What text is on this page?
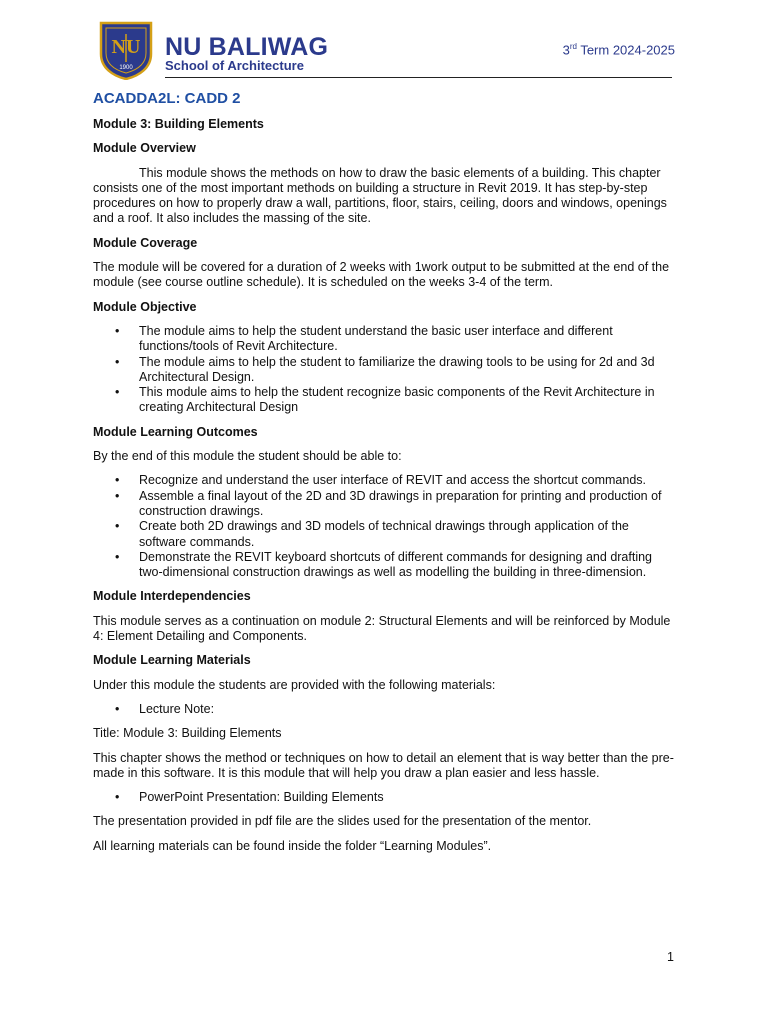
NU
1900
NU BALIWAG
School of Architecture
3rd Term 2024-2025
ACADDA2L: CADD 2
Module 3: Building Elements
Module Overview
This module shows the methods on how to draw the basic elements of a building. This chapter consists one of the most important methods on building a structure in Revit 2019. It has step-by-step procedures on how to properly draw a wall, partitions, floor, stairs, ceiling, doors and windows, openings and a roof. It also includes the massing of the site.
Module Coverage
The module will be covered for a duration of 2 weeks with 1work output to be submitted at the end of the module (see course outline schedule). It is scheduled on the weeks 3-4 of the term.
Module Objective
• The module aims to help the student understand the basic user interface and different functions/tools of Revit Architecture.
• The module aims to help the student to familiarize the drawing tools to be using for 2d and 3d Architectural Design.
• This module aims to help the student recognize basic components of the Revit Architecture in creating Architectural Design
Module Learning Outcomes
By the end of this module the student should be able to:
• Recognize and understand the user interface of REVIT and access the shortcut commands.
• Assemble a final layout of the 2D and 3D drawings in preparation for printing and production of construction drawings.
• Create both 2D drawings and 3D models of technical drawings through application of the software commands.
• Demonstrate the REVIT keyboard shortcuts of different commands for designing and drafting two-dimensional construction drawings as well as modelling the building in three-dimension.
Module Interdependencies
This module serves as a continuation on module 2: Structural Elements and will be reinforced by Module 4: Element Detailing and Components.
Module Learning Materials
Under this module the students are provided with the following materials:
• Lecture Note:
Title: Module 3: Building Elements
This chapter shows the method or techniques on how to detail an element that is way better than the pre-made in this software. It is this module that will help you draw a plan easier and less hassle.
• PowerPoint Presentation: Building Elements
The presentation provided in pdf file are the slides used for the presentation of the mentor.
All learning materials can be found inside the folder “Learning Modules”.
1
